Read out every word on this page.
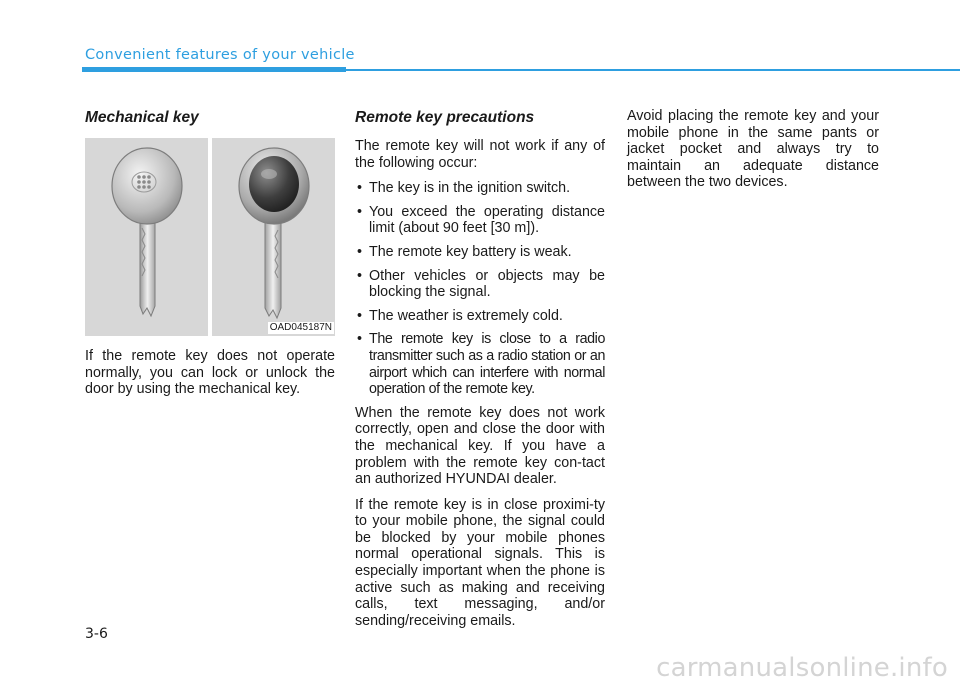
Convenient features of your vehicle
Mechanical key
OAD045187N

If the remote key does not operate normally, you can lock or unlock the door by using the mechanical key.

Remote key precautions

The remote key will not work if any of the following occur:

• The key is in the ignition switch.
• You exceed the operating distance limit (about 90 feet [30 m]).
• The remote key battery is weak.
• Other vehicles or objects may be blocking the signal.
• The weather is extremely cold.
• The remote key is close to a radio transmitter such as a radio station or an airport which can interfere with normal operation of the remote key.

When the remote key does not work correctly, open and close the door with the mechanical key. If you have a problem with the remote key con-tact an authorized HYUNDAI dealer.

If the remote key is in close proximi-ty to your mobile phone, the signal could be blocked by your mobile phones normal operational signals. This is especially important when the phone is active such as making and receiving calls, text messaging, and/or sending/receiving emails.

Avoid placing the remote key and your mobile phone in the same pants or jacket pocket and always try to maintain an adequate distance between the two devices.

3-6
carmanualsonline.info
